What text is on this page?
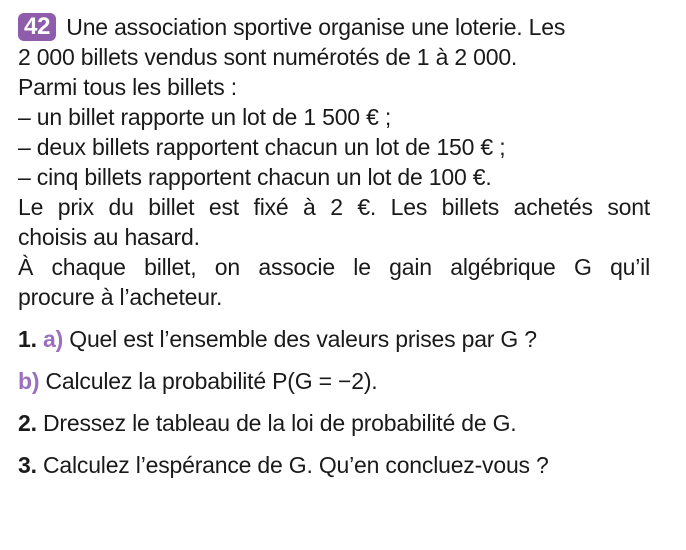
42 Une association sportive organise une loterie. Les
2 000 billets vendus sont numérotés de 1 à 2 000.
Parmi tous les billets :
– un billet rapporte un lot de 1 500 € ;
– deux billets rapportent chacun un lot de 150 € ;
– cinq billets rapportent chacun un lot de 100 €.
Le prix du billet est fixé à 2 €. Les billets achetés sont
choisis au hasard.
À chaque billet, on associe le gain algébrique G qu’il
procure à l’acheteur.
1. a) Quel est l’ensemble des valeurs prises par G ?
b) Calculez la probabilité P(G = −2).
2. Dressez le tableau de la loi de probabilité de G.
3. Calculez l’espérance de G. Qu’en concluez-vous ?
